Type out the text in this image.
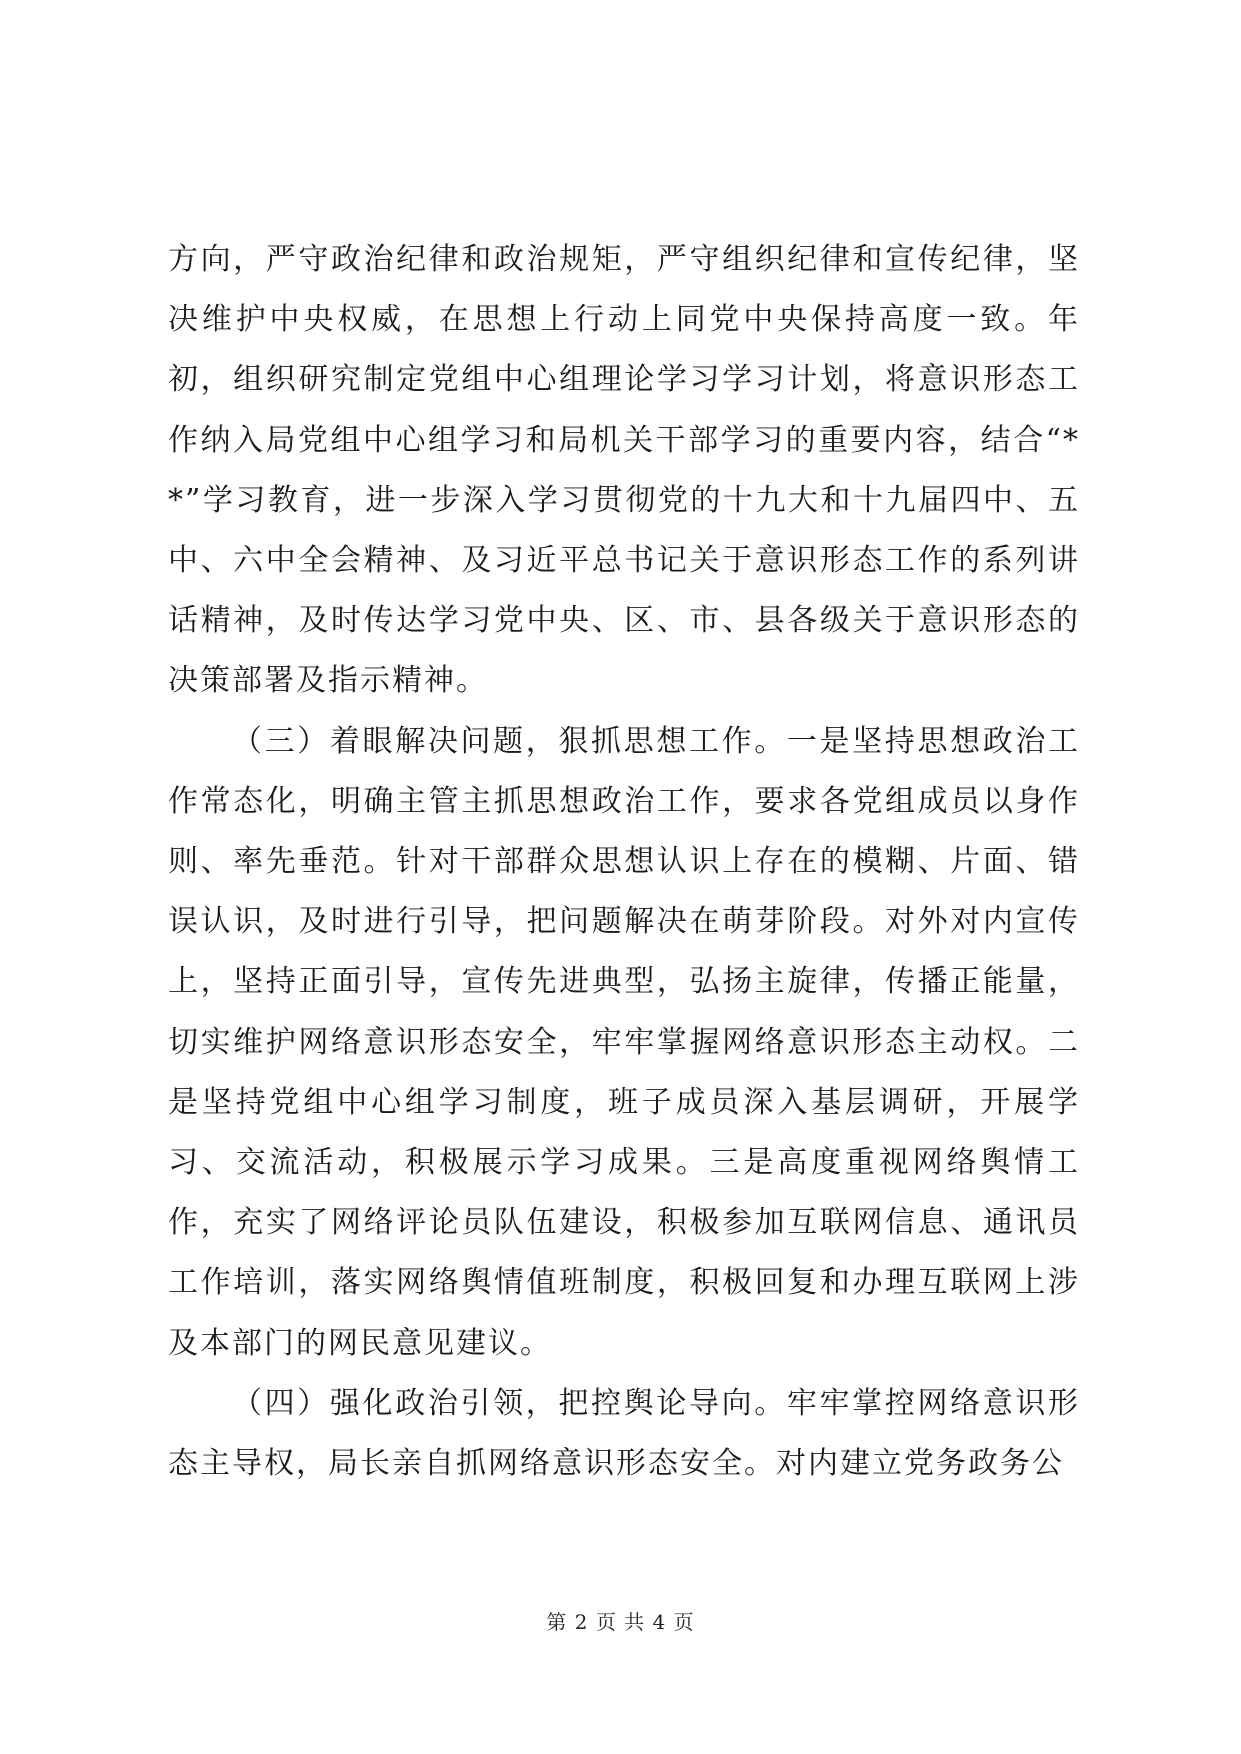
方向，严守政治纪律和政治规矩，严守组织纪律和宣传纪律，坚决维护中央权威，在思想上行动上同党中央保持高度一致。年初，组织研究制定党组中心组理论学习学习计划，将意识形态工作纳入局党组中心组学习和局机关干部学习的重要内容，结合“**”学习教育，进一步深入学习贯彻党的十九大和十九届四中、五中、六中全会精神、及习近平总书记关于意识形态工作的系列讲话精神，及时传达学习党中央、区、市、县各级关于意识形态的决策部署及指示精神。

（三）着眼解决问题，狠抓思想工作。一是坚持思想政治工作常态化，明确主管主抓思想政治工作，要求各党组成员以身作则、率先垂范。针对干部群众思想认识上存在的模糊、片面、错误认识，及时进行引导，把问题解决在萌芽阶段。对外对内宣传上，坚持正面引导，宣传先进典型，弘扬主旋律，传播正能量，切实维护网络意识形态安全，牢牢掌握网络意识形态主动权。二是坚持党组中心组学习制度，班子成员深入基层调研，开展学习、交流活动，积极展示学习成果。三是高度重视网络舆情工作，充实了网络评论员队伍建设，积极参加互联网信息、通讯员工作培训，落实网络舆情值班制度，积极回复和办理互联网上涉及本部门的网民意见建议。

（四）强化政治引领，把控舆论导向。牢牢掌控网络意识形态主导权，局长亲自抓网络意识形态安全。对内建立党务政务公

第 2 页 共 4 页
